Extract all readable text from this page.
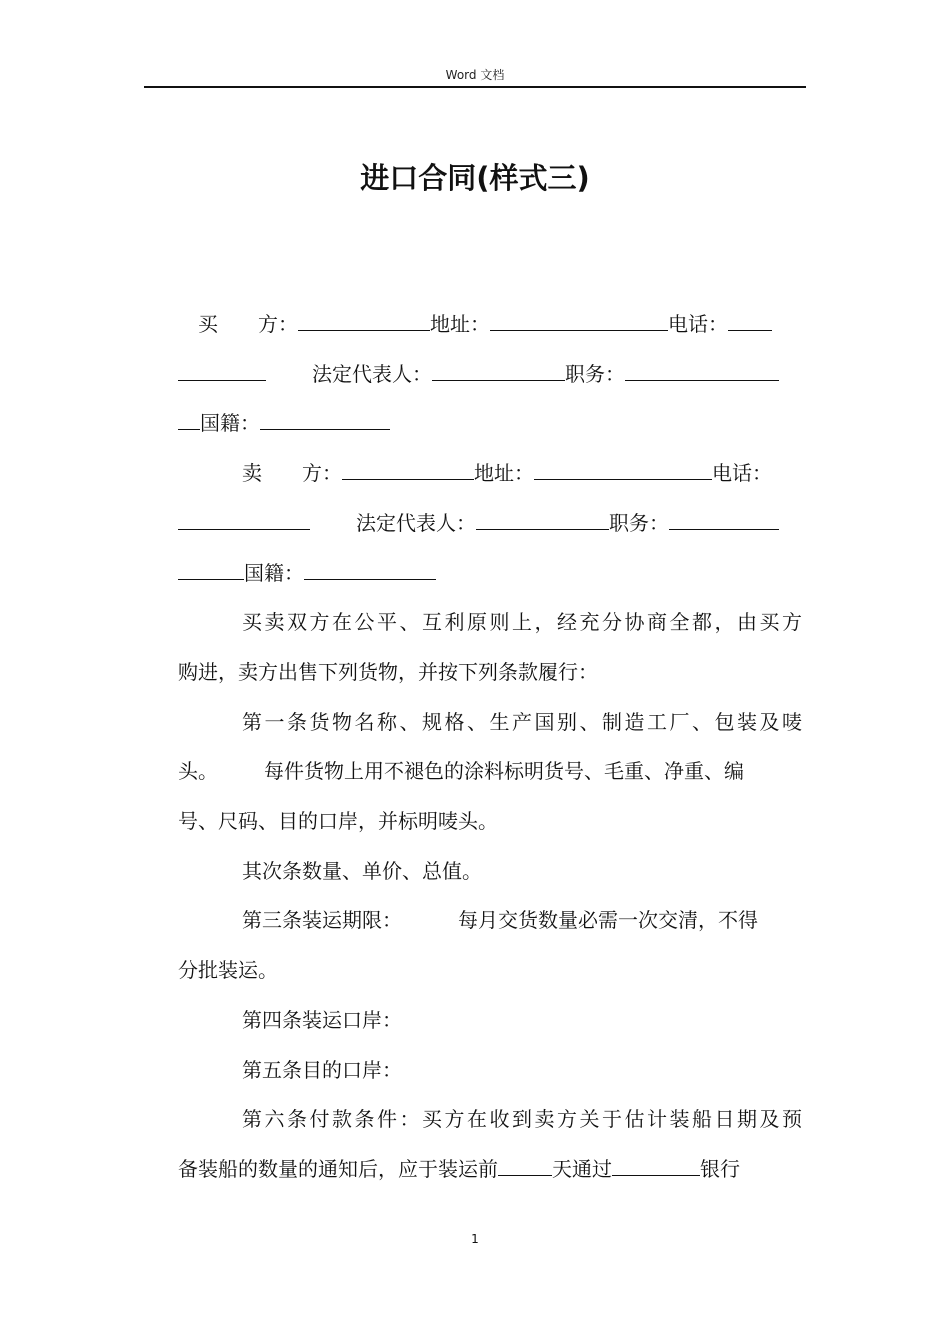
Word 文档
进口合同(样式三)
买　　方：	地址：	电话：
法定代表人：	职务：
国籍：
卖　　方：	地址：	电话：
法定代表人：	职务：
国籍：
买卖双方在公平、互利原则上，经充分协商全都，由买方
购进，卖方出售下列货物，并按下列条款履行：
第一条货物名称、规格、生产国别、制造工厂、包装及唛
头。 每件货物上用不褪色的涂料标明货号、毛重、净重、编
号、尺码、目的口岸，并标明唛头。
其次条数量、单价、总值。
第三条装运期限：	每月交货数量必需一次交清，不得
分批装运。
第四条装运口岸：
第五条目的口岸：
第六条付款条件：买方在收到卖方关于估计装船日期及预
备装船的数量的通知后，应于装运前	天通过	银行
1
